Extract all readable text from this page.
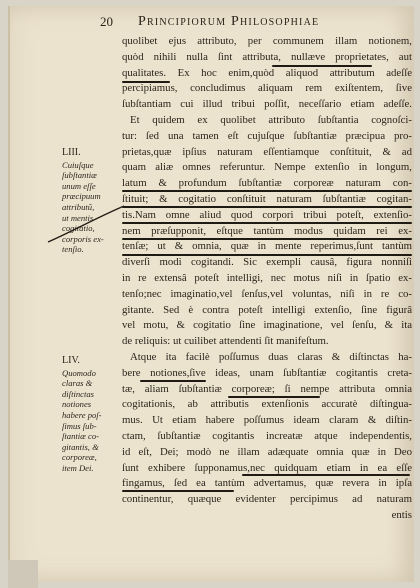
20 Principiorum Philosophiae
LIII.
Cuiuſque
ſubſtantiæ
unum eſſe
præcipuum
attributũ,
ut mentis
cogitatio,
corporis ex-
tenſio.
LIV.
Quomodo
claras &
diſtinctas
notiones
habere poſ-
ſimus ſub-
ſtantiæ co-
gitantis, &
corporeæ,
item Dei.
quolibet ejus attributo, per communem illam notionem,
quòd nihili nulla ſint attributa, nullæve proprietates, aut
qualitates. Ex hoc enim,quòd aliquod attributum adeſſe
percipiamus, concludimus aliquam rem exiſtentem, ſive
ſubſtantiam cui illud tribui poſſit, neceſſario etiam adeſſe.
Et quidem ex quolibet attributo ſubſtantia cognoſci-
tur: ſed una tamen eſt cujuſque ſubſtantiæ præcipua pro-
prietas,quæ ipſius naturam eſſentiamque conſtituit, & ad
quam aliæ omnes referuntur. Nempe extenſio in longum,
latum & profundum ſubſtantiæ corporeæ naturam con-
ſtituit; & cogitatio conſtituit naturam ſubſtantiæ cogitan-
tis.Nam omne aliud quod corpori tribui poteſt, extenſio-
nem præſupponit, eſtque tantùm modus quidam rei ex-
tenſæ; ut & omnia, quæ in mente reperimus,ſunt tantùm
diverſi modi cogitandi. Sic exempli causâ, figura nonniſi
in re extensâ poteſt intelligi, nec motus niſi in ſpatio ex-
tenſo;nec imaginatio,vel ſenſus,vel voluntas, niſi in re co-
gitante. Sed è contra poteſt intelligi extenſio, ſine figurâ
vel motu, & cogitatio ſine imaginatione, vel ſenſu, & ita
de reliquis: ut cuilibet attendenti ſit manifeſtum.
Atque ita facilè poſſumus duas claras & diſtinctas ha-
bere notiones,ſive ideas, unam ſubſtantiæ cogitantis creta-
tæ, aliam ſubſtantiæ corporeæ; ſi nempe attributa omnia
cogitationis, ab attributis extenſionis accuratè diſtingua-
mus. Ut etiam habere poſſumus ideam claram & diſtin-
ctam, ſubſtantiæ cogitantis increatæ atque independentis,
id eſt, Dei; modò ne illam adæquate omnia quæ in Deo
ſunt exhibere ſupponamus,nec quidquam etiam in ea eſſe
fingamus, ſed ea tantùm advertamus, quæ revera in ipſa
continentur, quæque evidenter percipimus ad naturam
entis
